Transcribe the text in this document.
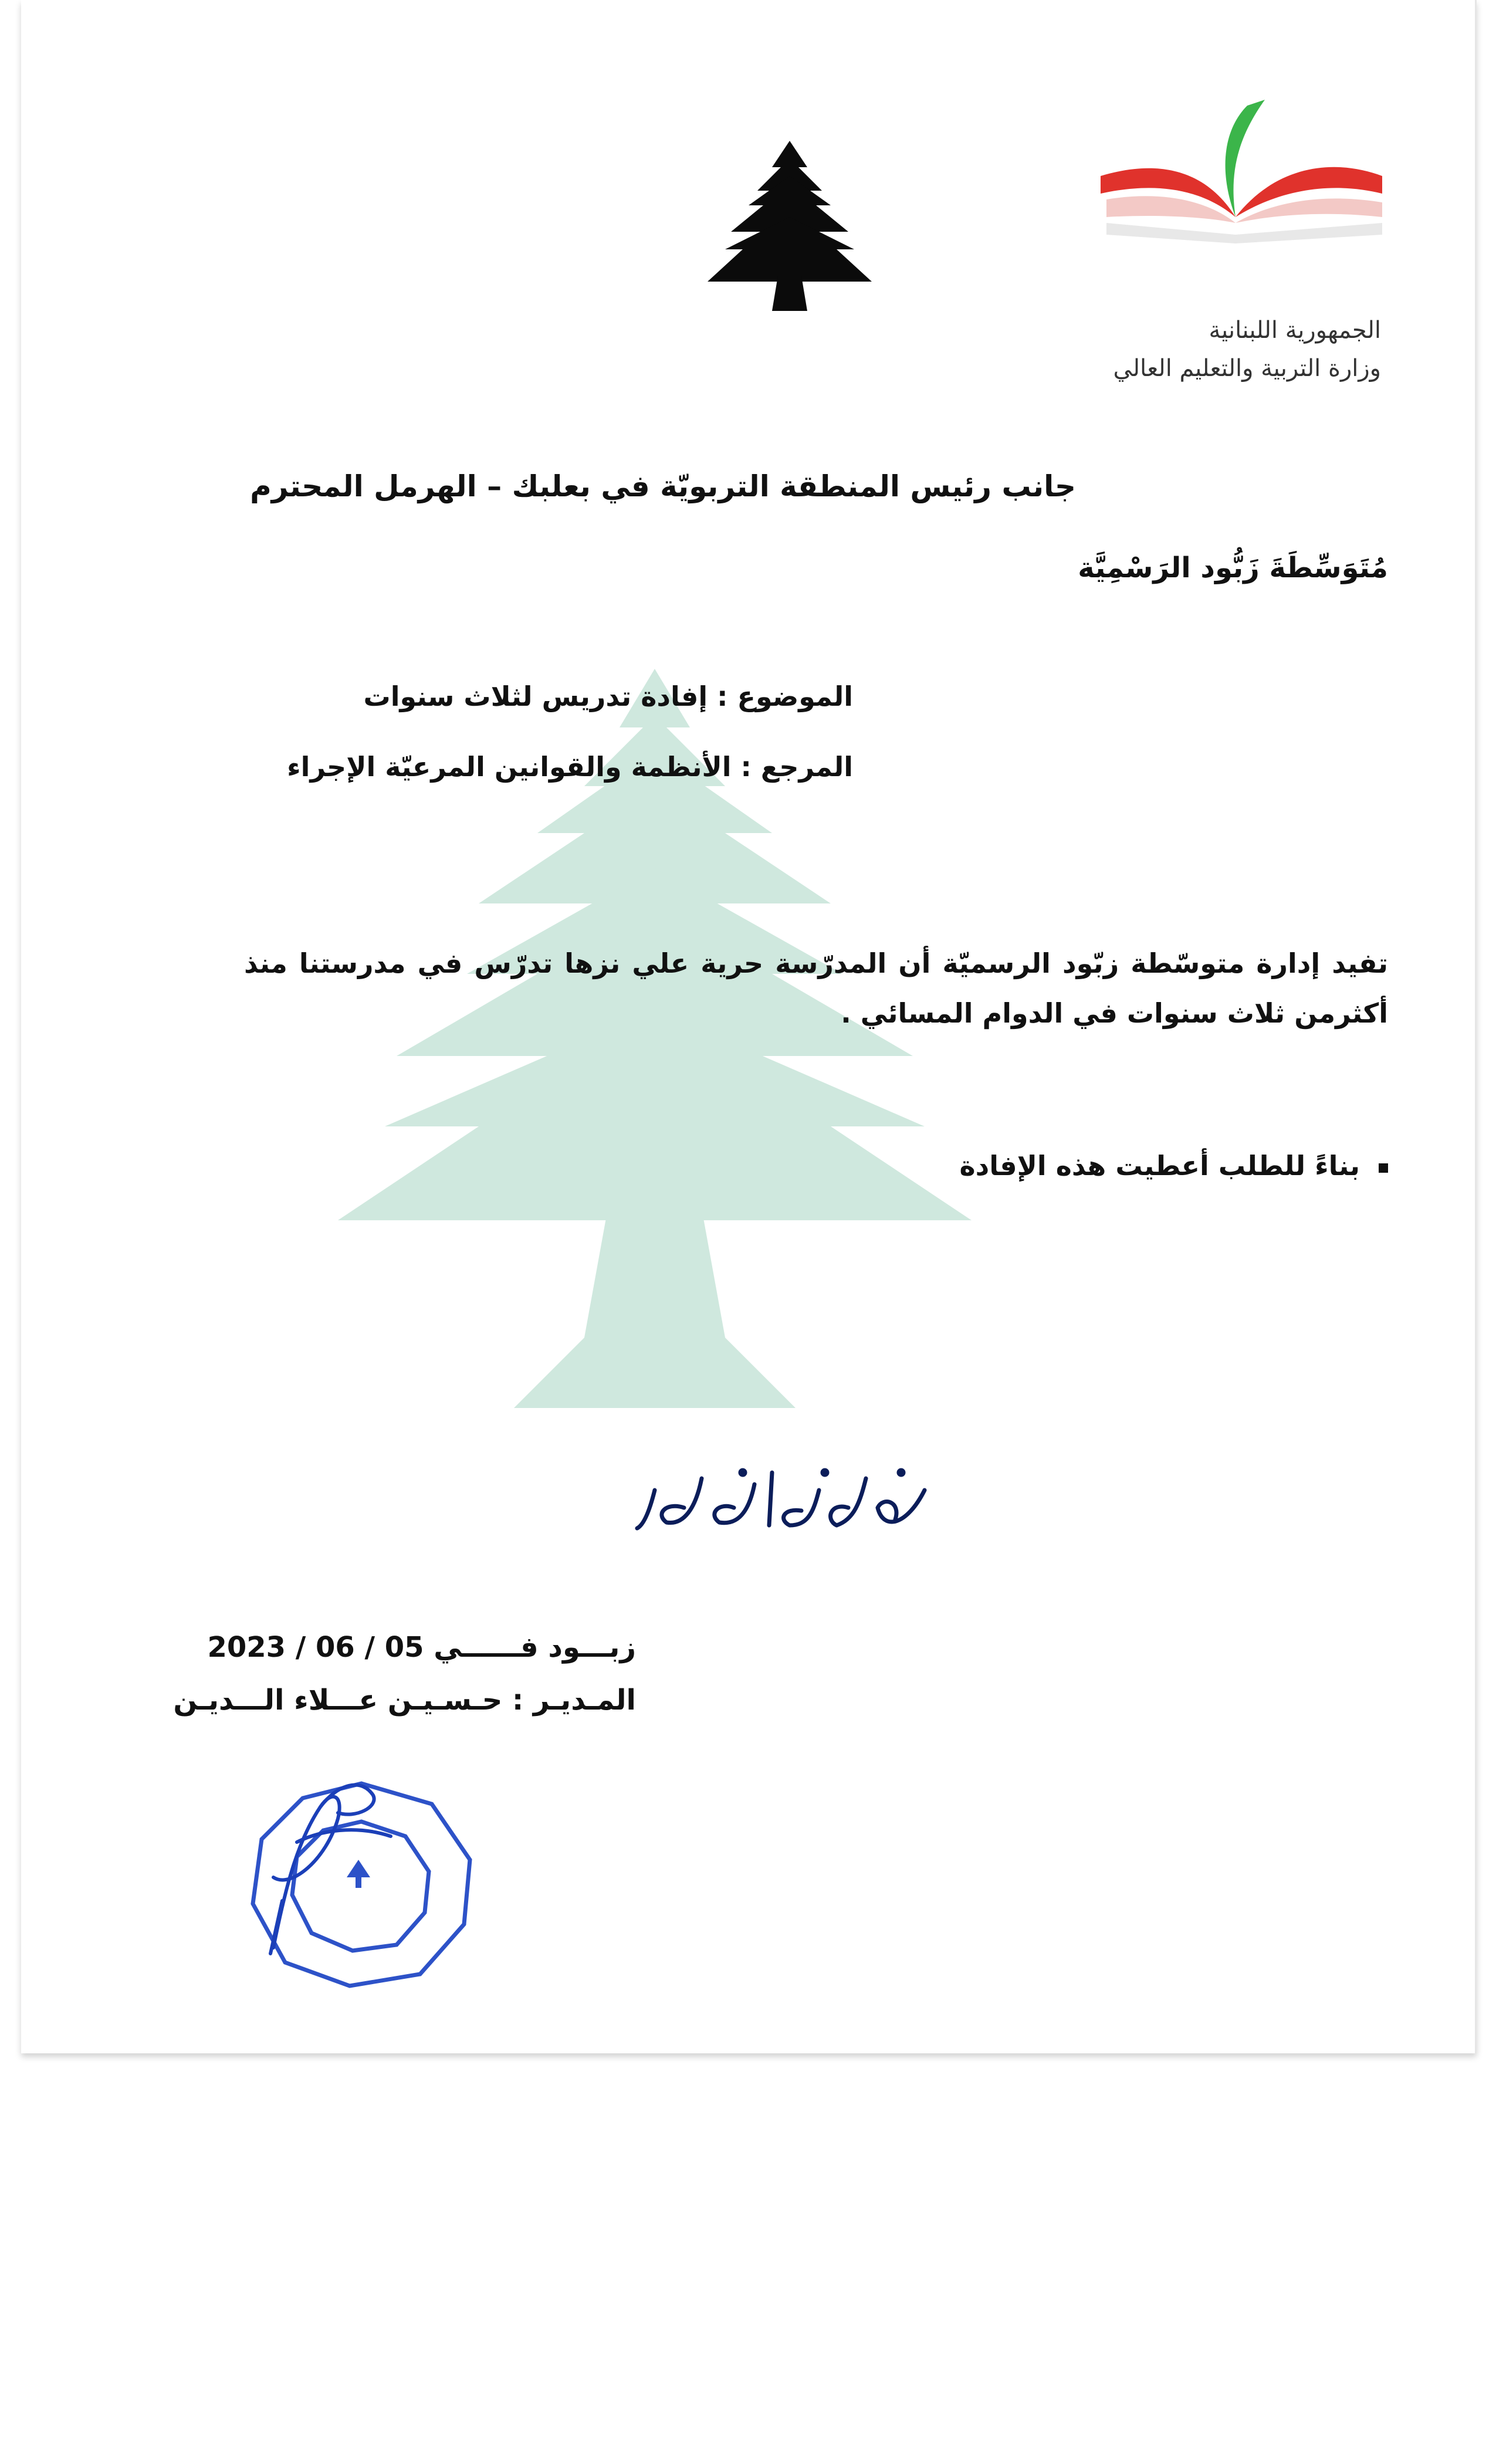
الجمهورية اللبنانية
وزارة التربية والتعليم العالي
جانب رئيس المنطقة التربويّة في بعلبك – الهرمل المحترم
مُتَوَسِّطَةَ زَبُّود الرَسْمِيَّة
الموضوع : إفادة تدريس لثلاث سنوات
المرجع : الأنظمة والقوانين المرعيّة الإجراء
تفيد إدارة متوسّطة زبّود الرسميّة أن المدرّسة حرية علي نزها تدرّس في مدرستنا منذ أكثرمن ثلاث سنوات في الدوام المسائي .
بناءً للطلب أعطيت هذه الإفادة
زبـــود فــــــي 05 / 06 / 2023
المـديـر : حـسـيـن عـــلاء الـــديـن
